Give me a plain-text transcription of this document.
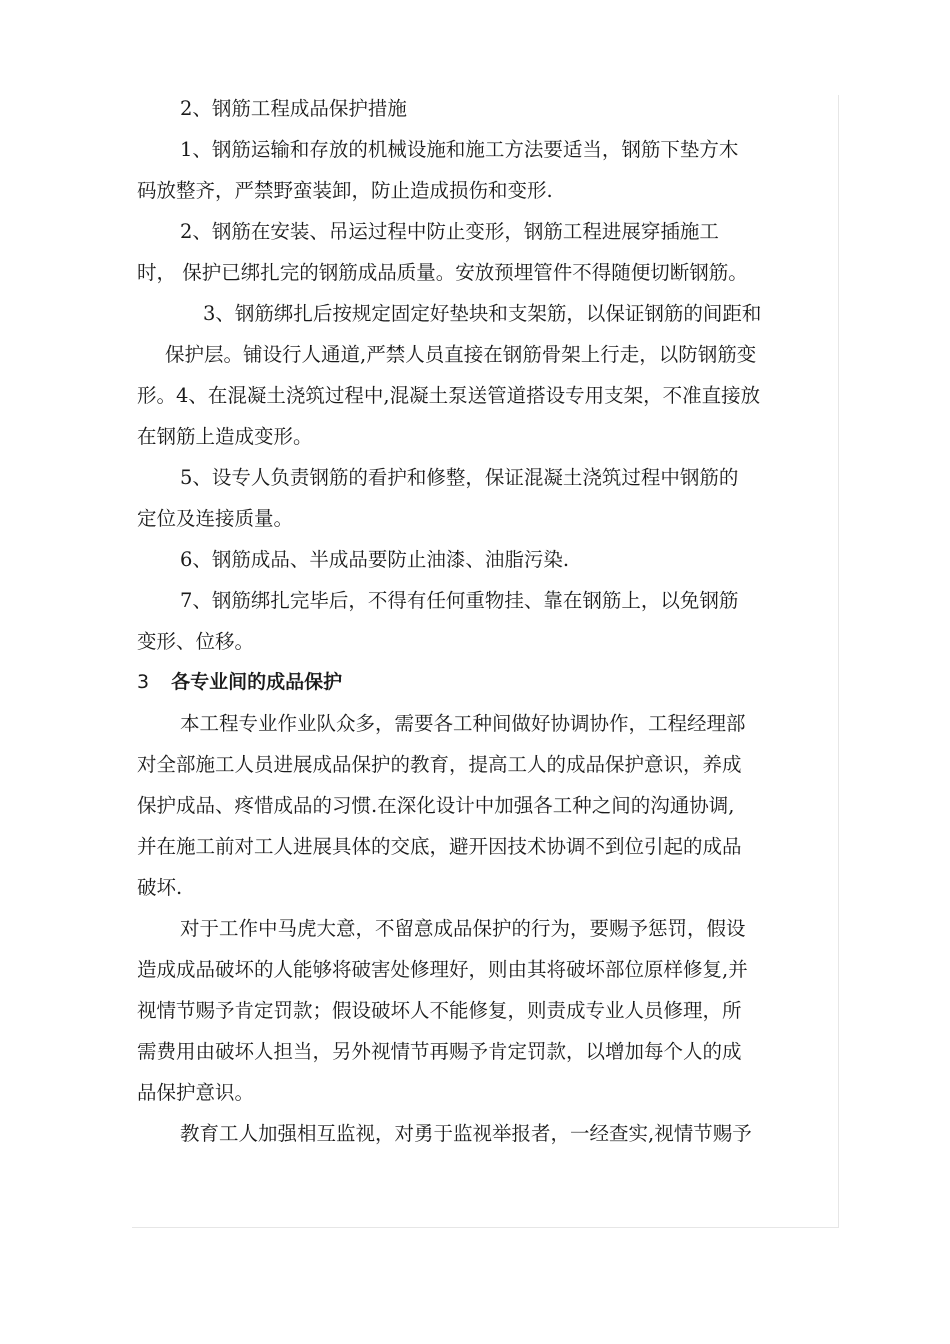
2、钢筋工程成品保护措施

1、钢筋运输和存放的机械设施和施工方法要适当，钢筋下垫方木

码放整齐，严禁野蛮装卸，防止造成损伤和变形.

2、钢筋在安装、吊运过程中防止变形，钢筋工程进展穿插施工

时， 保护已绑扎完的钢筋成品质量。安放预埋管件不得随便切断钢筋。

3、钢筋绑扎后按规定固定好垫块和支架筋，以保证钢筋的间距和

保护层。铺设行人通道,严禁人员直接在钢筋骨架上行走，以防钢筋变

形。4、在混凝土浇筑过程中,混凝土泵送管道搭设专用支架，不准直接放

在钢筋上造成变形。

5、设专人负责钢筋的看护和修整，保证混凝土浇筑过程中钢筋的

定位及连接质量。

6、钢筋成品、半成品要防止油漆、油脂污染.

7、钢筋绑扎完毕后，不得有任何重物挂、靠在钢筋上，以免钢筋

变形、位移。

3 各专业间的成品保护

本工程专业作业队众多，需要各工种间做好协调协作，工程经理部

对全部施工人员进展成品保护的教育，提高工人的成品保护意识，养成

保护成品、疼惜成品的习惯.在深化设计中加强各工种之间的沟通协调,

并在施工前对工人进展具体的交底，避开因技术协调不到位引起的成品

破坏.

对于工作中马虎大意，不留意成品保护的行为，要赐予惩罚，假设

造成成品破坏的人能够将破害处修理好，则由其将破坏部位原样修复,并

视情节赐予肯定罚款；假设破坏人不能修复，则责成专业人员修理，所

需费用由破坏人担当，另外视情节再赐予肯定罚款，以增加每个人的成

品保护意识。

教育工人加强相互监视，对勇于监视举报者，一经查实,视情节赐予
